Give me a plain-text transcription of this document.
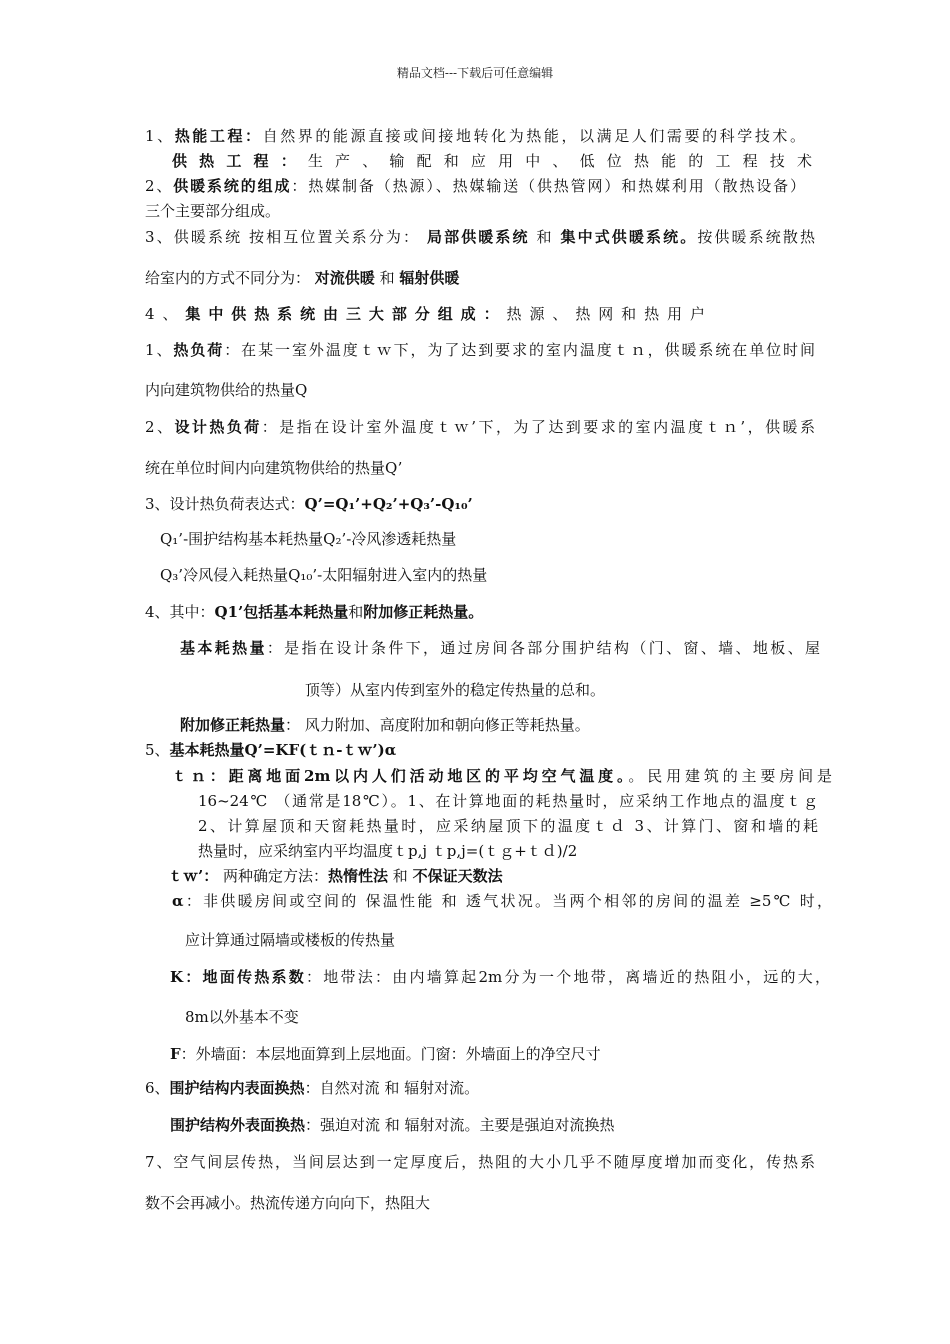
精品文档---下载后可任意编辑
1、热能工程：自然界的能源直接或间接地转化为热能，以满足人们需要的科学技术。
供热工程：生产、输配和应用中、低位热能的工程技术
2、供暖系统的组成：热媒制备（热源）、热媒输送（供热管网）和热媒利用（散热设备）
三个主要部分组成。
3、供暖系统 按相互位置关系分为： 局部供暖系统 和 集中式供暖系统。按供暖系统散热
给室内的方式不同分为： 对流供暖 和 辐射供暖
4、集中供热系统由三大部分组成：热源、热网和热用户
1、热负荷：在某一室外温度ｔｗ下，为了达到要求的室内温度ｔｎ，供暖系统在单位时间
内向建筑物供给的热量Q
2、设计热负荷：是指在设计室外温度ｔｗ’下，为了达到要求的室内温度ｔｎ’，供暖系
统在单位时间内向建筑物供给的热量Q’
3、设计热负荷表达式：Q’=Q₁’+Q₂’+Q₃’-Q₁₀’
Q₁’-围护结构基本耗热量Q₂’-冷风渗透耗热量
Q₃’冷风侵入耗热量Q₁₀’-太阳辐射进入室内的热量
4、其中：Q1’包括基本耗热量和附加修正耗热量。
基本耗热量：是指在设计条件下，通过房间各部分围护结构（门、窗、墙、地板、屋
顶等）从室内传到室外的稳定传热量的总和。
附加修正耗热量： 风力附加、高度附加和朝向修正等耗热量。
5、基本耗热量Q’=KF(ｔｎ-ｔｗ’)α
ｔｎ：距离地面2m以内人们活动地区的平均空气温度。。民用建筑的主要房间是
16~24℃ （通常是18℃）。1、在计算地面的耗热量时，应采纳工作地点的温度ｔｇ
2、计算屋顶和天窗耗热量时，应采纳屋顶下的温度ｔｄ 3、计算门、窗和墙的耗
热量时，应采纳室内平均温度ｔp,j ｔp,j=(ｔｇ+ｔｄ)/2
ｔｗ’： 两种确定方法：热惰性法 和 不保证天数法
α：非供暖房间或空间的 保温性能 和 透气状况。当两个相邻的房间的温差 ≥5℃ 时，
应计算通过隔墙或楼板的传热量
K：地面传热系数：地带法：由内墙算起2m分为一个地带，离墙近的热阻小，远的大，
8m以外基本不变
F：外墙面：本层地面算到上层地面。门窗：外墙面上的净空尺寸
6、围护结构内表面换热：自然对流 和 辐射对流。
围护结构外表面换热：强迫对流 和 辐射对流。主要是强迫对流换热
7、空气间层传热，当间层达到一定厚度后，热阻的大小几乎不随厚度增加而变化，传热系
数不会再减小。热流传递方向向下，热阻大
